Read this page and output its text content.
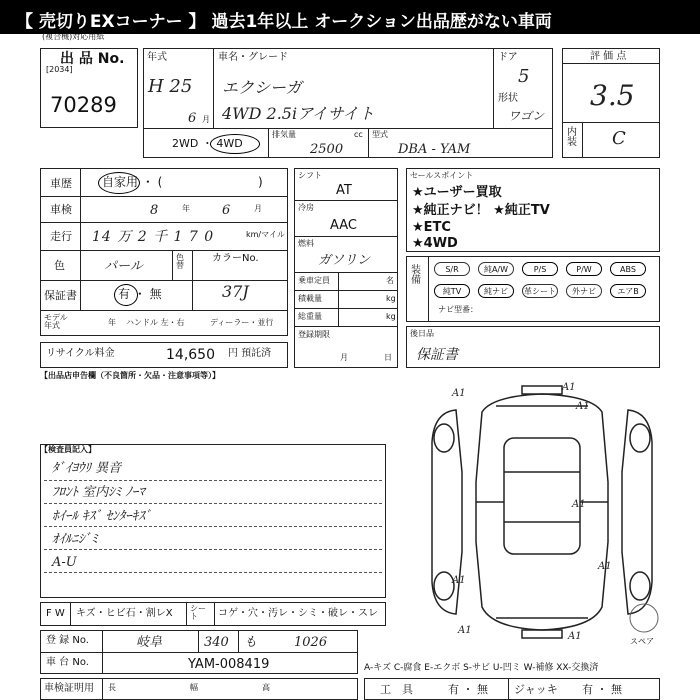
【 売切りEXコーナー 】 過去1年以上 オークション出品歴がない車両
(複合機)対応用紙
出 品 No.
[2034]
70289
年式
H 25
6 月
車名・グレード
エクシーガ
4WD 2.5iアイサイト
ドア
5
形状
ワゴン
2WD ・ 4WD
排気量	cc
2500
型式
DBA - YAM
評 価 点
3.5
内装 C
車歴	自家用 ・ (	)
車検	8	年 6	月
走行 14 万 2 千 1 7 0	km/マイル
色	パール
色替
カラーNo.
保証書	有 ・ 無	37J
モデル年式	年 ハンドル 左・右	ディーラー・並行
シフト
AT
冷房
AAC
燃料
ガソリン
乗車定員	名
積載量	kg
総重量	kg
登録期限
月	日
セールスポイント
★ユーザー買取
★純正ナビ！ ★純正TV
★ETC
★4WD
装備
S/R	純A/W	P/S	P/W	ABS
純TV	純ナビ	革シート	外ナビ	エアB
ナビ型番：
リサイクル料金	14,650 円 預託済
後日品
保証書
【出品店申告欄（不良箇所・欠品・注意事項等）】
【検査員記入】
ﾀﾞｲﾖｳﾘ 異音
ﾌﾛﾝﾄ 室内ｼﾐ ﾉｰﾏ
ﾎｲｰﾙ ｷｽﾞ ｾﾝﾀｰｷｽﾞ
ｵｲﾙﾆｼﾞﾐ
A-U
A1
A1
A1
A1
A1
A1
A1
A1	スペア
F W キズ・ヒビ石・割レX シート	コゲ・穴・汚レ・シミ・破レ・スレ
登 録 No.	岐阜	340 も	1026
車 台 No.	YAM-008419
車検証明用 長	幅	高
A-キズ C-腐食 E-エクボ S-サビ U-凹ミ W-補修 XX-交換済
工　具	有 ・ 無 ジャッキ 有 ・ 無
